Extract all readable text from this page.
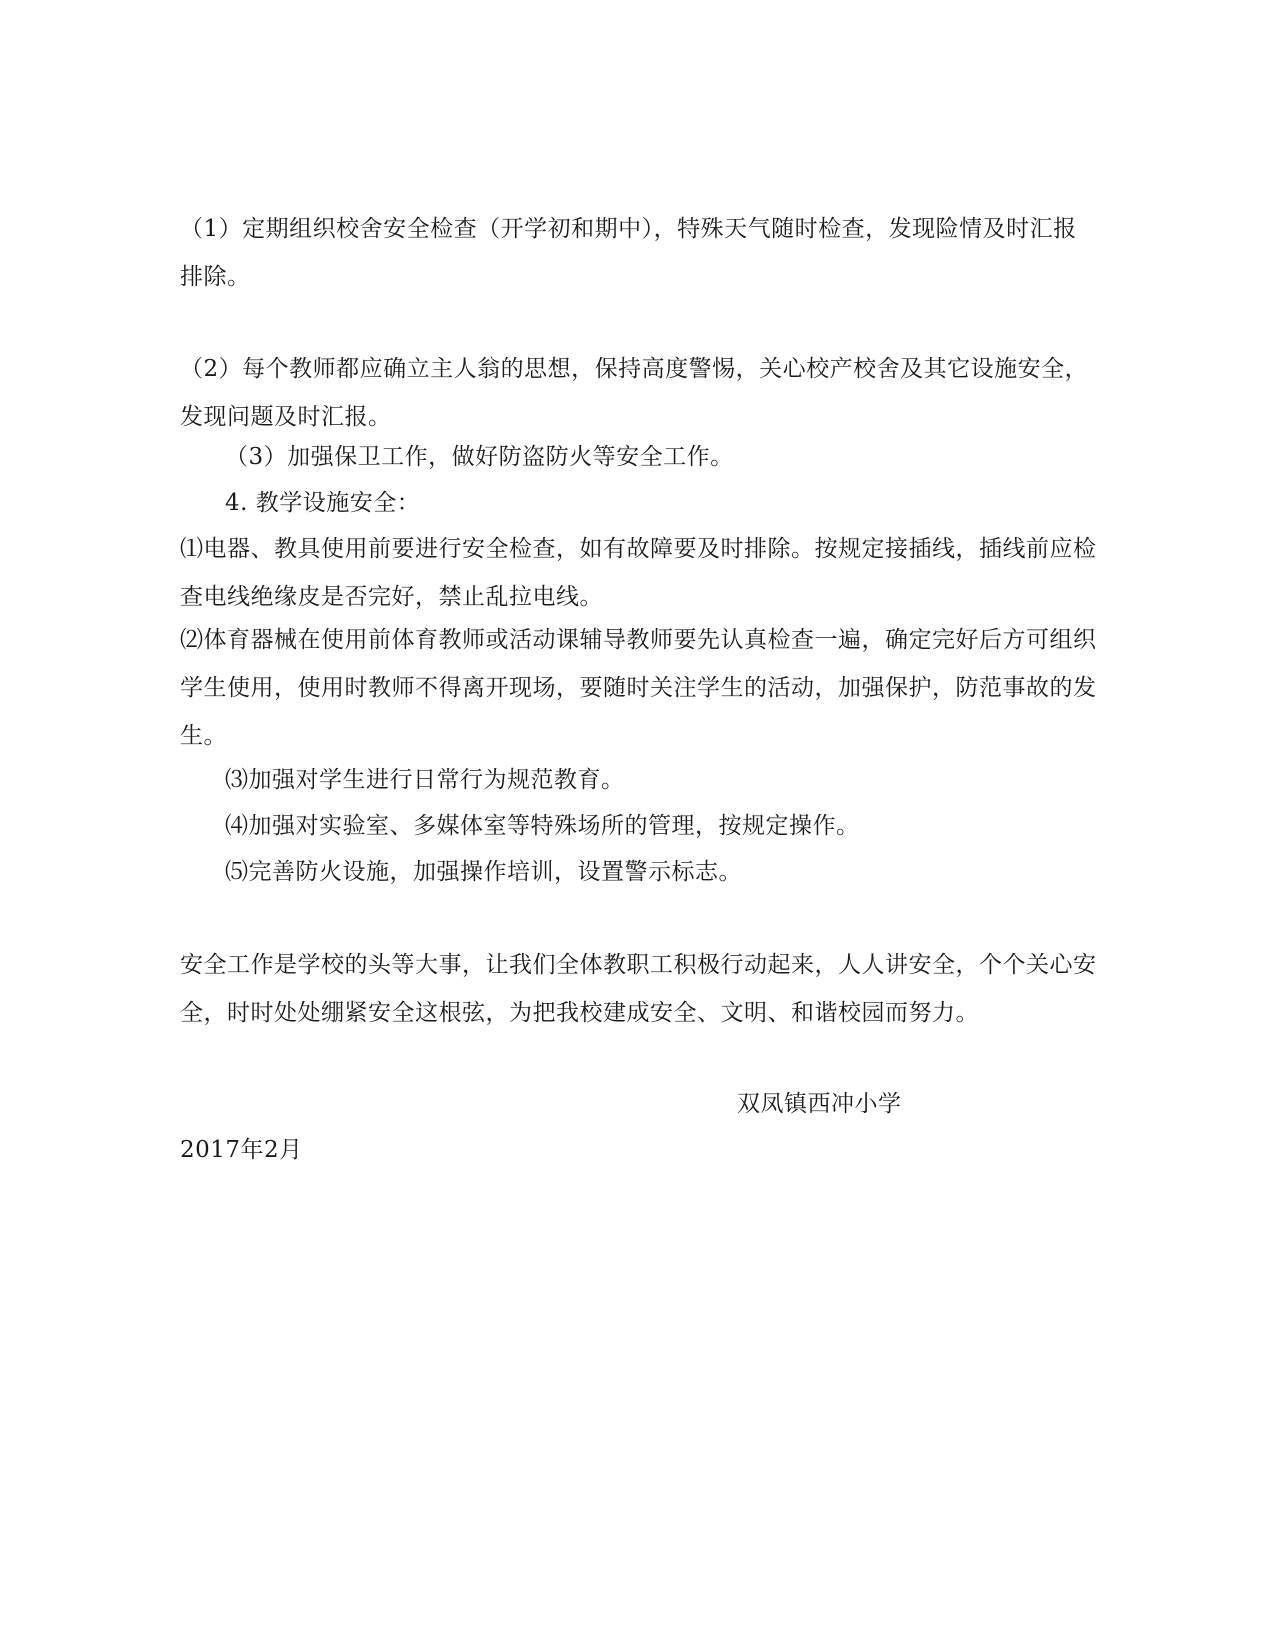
（1）定期组织校舍安全检查（开学初和期中），特殊天气随时检查，发现险情及时汇报排除。

（2）每个教师都应确立主人翁的思想，保持高度警惕，关心校产校舍及其它设施安全，发现问题及时汇报。

（3）加强保卫工作，做好防盗防火等安全工作。

4. 教学设施安全：

⑴电器、教具使用前要进行安全检查，如有故障要及时排除。按规定接插线，插线前应检查电线绝缘皮是否完好，禁止乱拉电线。

⑵体育器械在使用前体育教师或活动课辅导教师要先认真检查一遍，确定完好后方可组织学生使用，使用时教师不得离开现场，要随时关注学生的活动，加强保护，防范事故的发生。

⑶加强对学生进行日常行为规范教育。

⑷加强对实验室、多媒体室等特殊场所的管理，按规定操作。

⑸完善防火设施，加强操作培训，设置警示标志。

安全工作是学校的头等大事，让我们全体教职工积极行动起来，人人讲安全，个个关心安全，时时处处绷紧安全这根弦，为把我校建成安全、文明、和谐校园而努力。

双凤镇西冲小学

2017年2月
